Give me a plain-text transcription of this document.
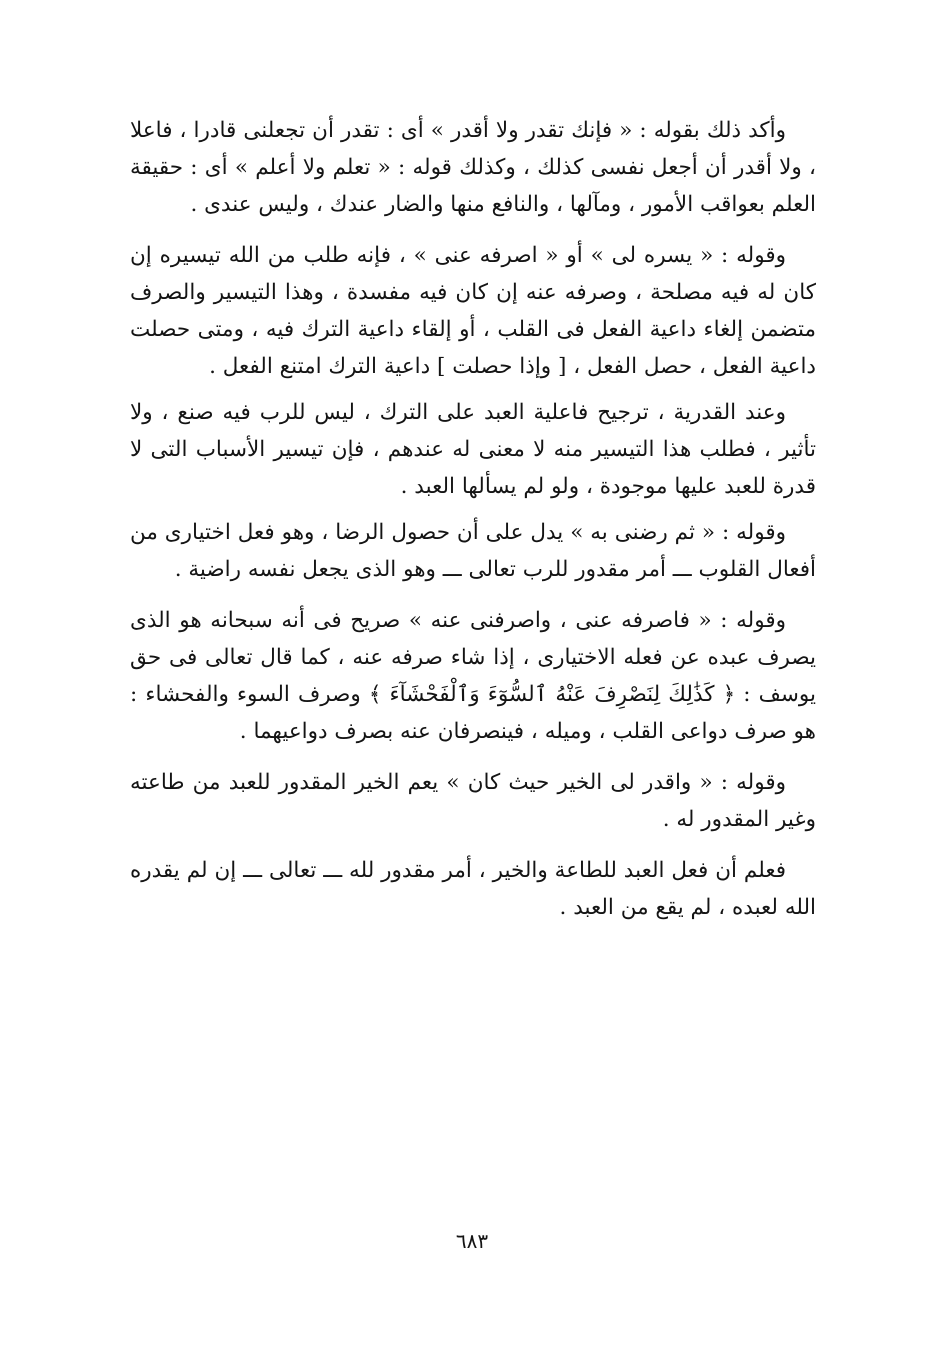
وأكد ذلك بقوله : « فإنك تقدر ولا أقدر » أى : تقدر أن تجعلنى قادرا ، فاعلا ، ولا أقدر أن أجعل نفسى كذلك ، وكذلك قوله : « تعلم ولا أعلم » أى : حقيقة العلم بعواقب الأمور ، ومآلها ، والنافع منها والضار عندك ، وليس عندى .

وقوله : « يسره لى » أو « اصرفه عنى » ، فإنه طلب من الله تيسيره إن كان له فيه مصلحة ، وصرفه عنه إن كان فيه مفسدة ، وهذا التيسير والصرف متضمن إلغاء داعية الفعل فى القلب ، أو إلقاء داعية الترك فيه ، ومتى حصلت داعية الفعل ، حصل الفعل ، [ وإذا حصلت ] داعية الترك امتنع الفعل .

وعند القدرية ، ترجيح فاعلية العبد على الترك ، ليس للرب فيه صنع ، ولا تأثير ، فطلب هذا التيسير منه لا معنى له عندهم ، فإن تيسير الأسباب التى لا قدرة للعبد عليها موجودة ، ولو لم يسألها العبد .

وقوله : « ثم رضنى به » يدل على أن حصول الرضا ، وهو فعل اختيارى من أفعال القلوب ـــ أمر مقدور للرب تعالى ـــ وهو الذى يجعل نفسه راضية .

وقوله : « فاصرفه عنى ، واصرفنى عنه » صريح فى أنه سبحانه هو الذى يصرف عبده عن فعله الاختيارى ، إذا شاء صرفه عنه ، كما قال تعالى فى حق يوسف : ﴿ كَذَٰلِكَ لِنَصْرِفَ عَنْهُ ٱلسُّوٓءَ وَٱلْفَحْشَآءَ ﴾ وصرف السوء والفحشاء : هو صرف دواعى القلب ، وميله ، فينصرفان عنه بصرف دواعيهما .

وقوله : « واقدر لى الخير حيث كان » يعم الخير المقدور للعبد من طاعته وغير المقدور له .

فعلم أن فعل العبد للطاعة والخير ، أمر مقدور لله ـــ تعالى ـــ إن لم يقدره الله لعبده ، لم يقع من العبد .

٦٨٣
